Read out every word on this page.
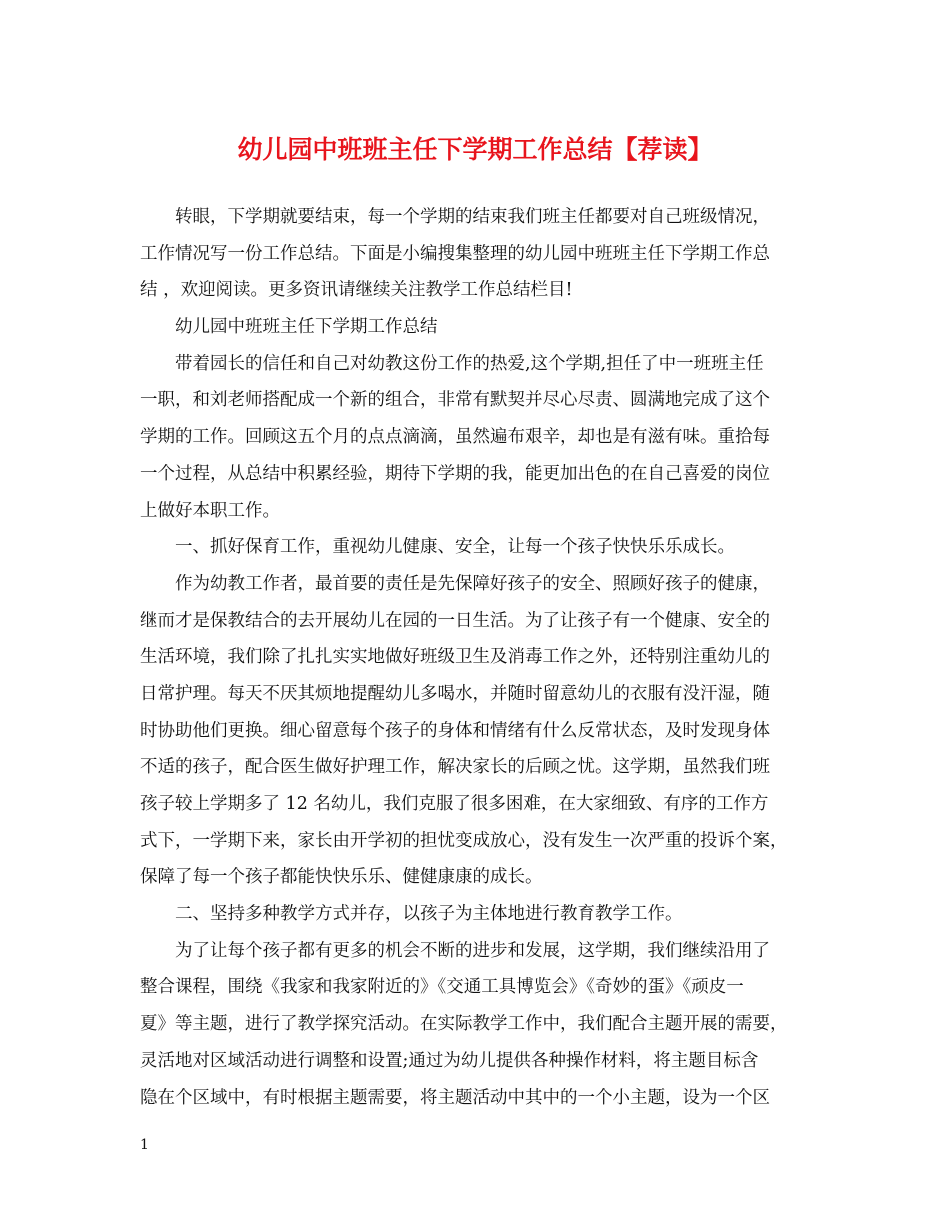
幼儿园中班班主任下学期工作总结【荐读】
转眼，下学期就要结束，每一个学期的结束我们班主任都要对自己班级情况，
工作情况写一份工作总结。下面是小编搜集整理的幼儿园中班班主任下学期工作总
结 ，欢迎阅读。更多资讯请继续关注教学工作总结栏目!
幼儿园中班班主任下学期工作总结
带着园长的信任和自己对幼教这份工作的热爱,这个学期,担任了中一班班主任
一职，和刘老师搭配成一个新的组合，非常有默契并尽心尽责、圆满地完成了这个
学期的工作。回顾这五个月的点点滴滴，虽然遍布艰辛，却也是有滋有味。重拾每
一个过程，从总结中积累经验，期待下学期的我，能更加出色的在自己喜爱的岗位
上做好本职工作。
一、抓好保育工作，重视幼儿健康、安全，让每一个孩子快快乐乐成长。
作为幼教工作者，最首要的责任是先保障好孩子的安全、照顾好孩子的健康，
继而才是保教结合的去开展幼儿在园的一日生活。为了让孩子有一个健康、安全的
生活环境，我们除了扎扎实实地做好班级卫生及消毒工作之外，还特别注重幼儿的
日常护理。每天不厌其烦地提醒幼儿多喝水，并随时留意幼儿的衣服有没汗湿，随
时协助他们更换。细心留意每个孩子的身体和情绪有什么反常状态，及时发现身体
不适的孩子，配合医生做好护理工作，解决家长的后顾之忧。这学期，虽然我们班
孩子较上学期多了 12 名幼儿，我们克服了很多困难，在大家细致、有序的工作方
式下，一学期下来，家长由开学初的担忧变成放心，没有发生一次严重的投诉个案，
保障了每一个孩子都能快快乐乐、健健康康的成长。
二、坚持多种教学方式并存，以孩子为主体地进行教育教学工作。
为了让每个孩子都有更多的机会不断的进步和发展，这学期，我们继续沿用了
整合课程，围绕《我家和我家附近的》《交通工具博览会》《奇妙的蛋》《顽皮一
夏》等主题，进行了教学探究活动。在实际教学工作中，我们配合主题开展的需要，
灵活地对区域活动进行调整和设置;通过为幼儿提供各种操作材料，将主题目标含
隐在个区域中，有时根据主题需要，将主题活动中其中的一个小主题，设为一个区
1
